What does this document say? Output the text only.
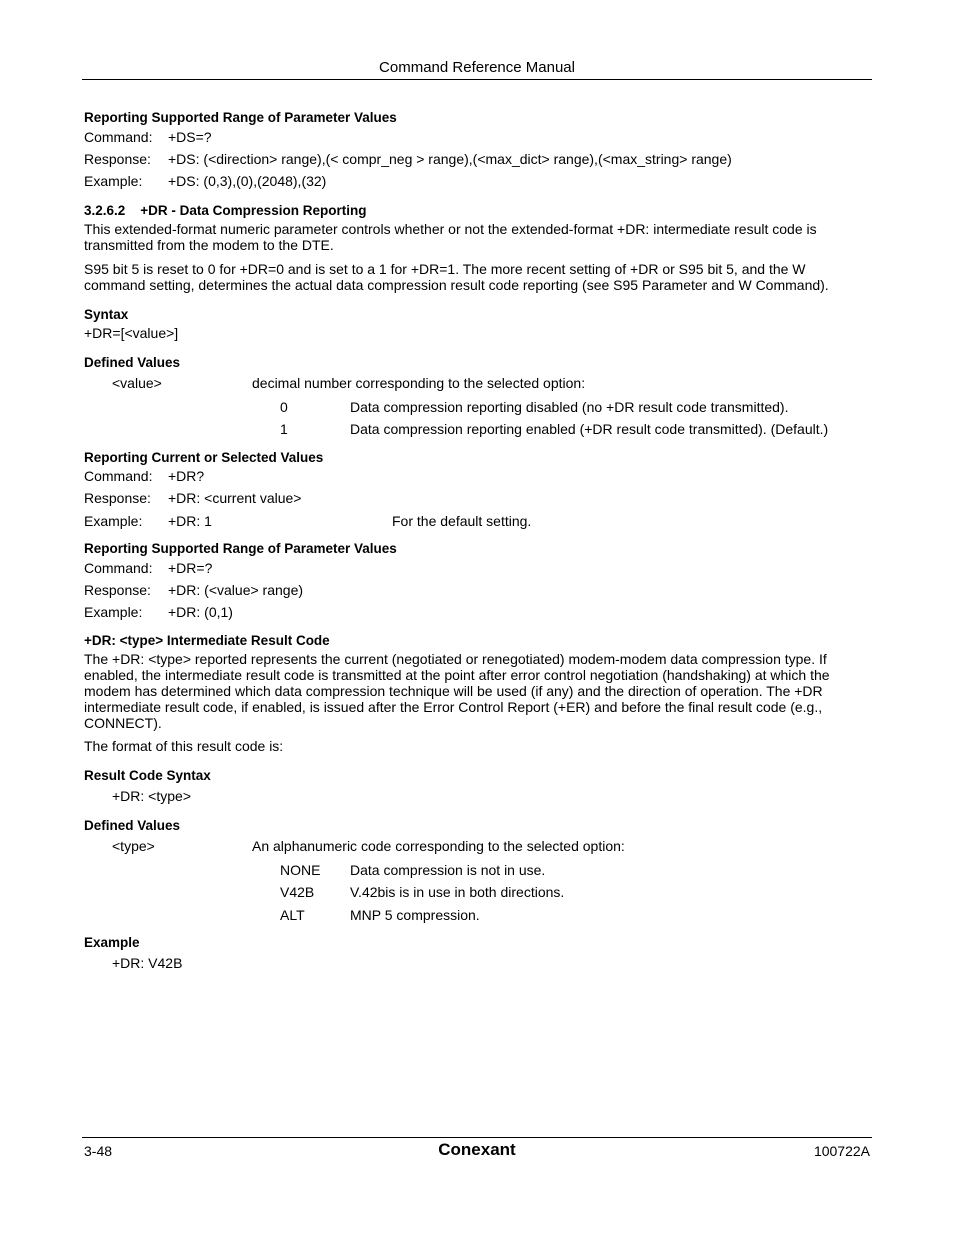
Command Reference Manual
Reporting Supported Range of Parameter Values
Command: +DS=?
Response: +DS: (<direction> range),(< compr_neg > range),(<max_dict> range),(<max_string> range)
Example: +DS: (0,3),(0),(2048),(32)
3.2.6.2    +DR - Data Compression Reporting
This extended-format numeric parameter controls whether or not the extended-format +DR: intermediate result code is transmitted from the modem to the DTE.
S95 bit 5 is reset to 0 for +DR=0 and is set to a 1 for +DR=1. The more recent setting of +DR or S95 bit 5, and the W command setting, determines the actual data compression result code reporting (see S95 Parameter and W Command).
Syntax
+DR=[<value>]
Defined Values
<value>	decimal number corresponding to the selected option:
0	Data compression reporting disabled (no +DR result code transmitted).
1	Data compression reporting enabled (+DR result code transmitted). (Default.)
Reporting Current or Selected Values
Command: +DR?
Response: +DR: <current value>
Example: +DR: 1	For the default setting.
Reporting Supported Range of Parameter Values
Command: +DR=?
Response: +DR: (<value> range)
Example: +DR: (0,1)
+DR: <type> Intermediate Result Code
The +DR: <type> reported represents the current (negotiated or renegotiated) modem-modem data compression type. If enabled, the intermediate result code is transmitted at the point after error control negotiation (handshaking) at which the modem has determined which data compression technique will be used (if any) and the direction of operation. The +DR intermediate result code, if enabled, is issued after the Error Control Report (+ER) and before the final result code (e.g., CONNECT).
The format of this result code is:
Result Code Syntax
+DR: <type>
Defined Values
<type>	An alphanumeric code corresponding to the selected option:
NONE Data compression is not in use.
V42B	V.42bis is in use in both directions.
ALT	MNP 5 compression.
Example
+DR: V42B
3-48	Conexant	100722A
